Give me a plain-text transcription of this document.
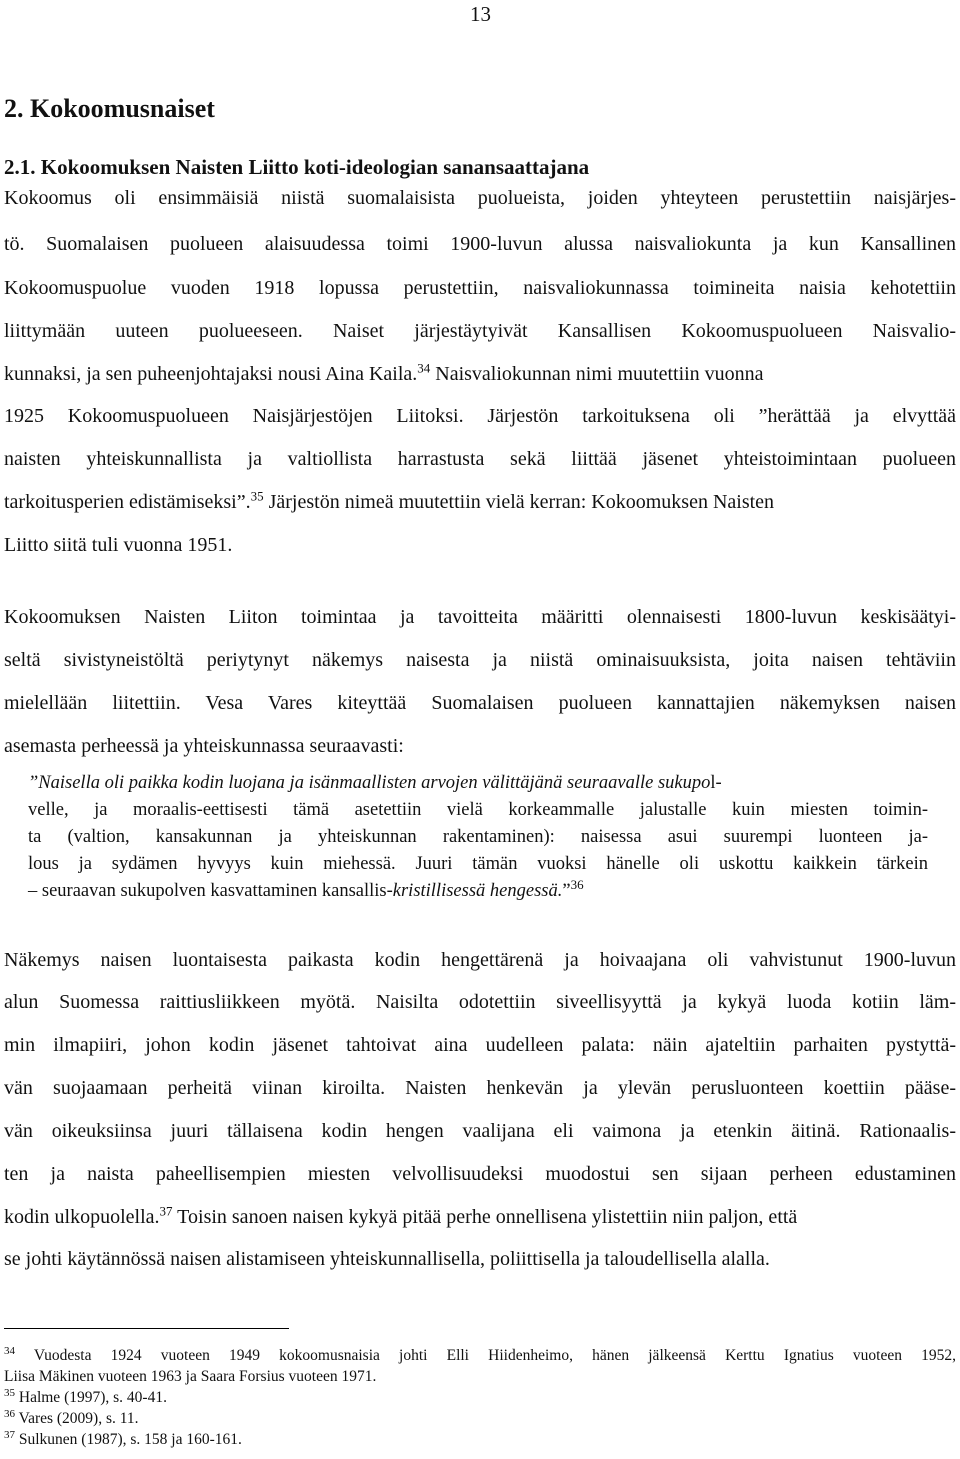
13
2. Kokoomusnaiset
2.1. Kokoomuksen Naisten Liitto koti-ideologian sanansaattajana
Kokoomus oli ensimmäisiä niistä suomalaisista puolueista, joiden yhteyteen perustettiin naisjärjes-
tö. Suomalaisen puolueen alaisuudessa toimi 1900-luvun alussa naisvaliokunta ja kun Kansallinen
Kokoomuspuolue vuoden 1918 lopussa perustettiin, naisvaliokunnassa toimineita naisia kehotettiin
liittymään uuteen puolueeseen. Naiset järjestäytyivät Kansallisen Kokoomuspuolueen Naisvalio-
kunnaksi, ja sen puheenjohtajaksi nousi Aina Kaila.$^{34}$ Naisvaliokunnan nimi muutettiin vuonna
1925 Kokoomuspuolueen Naisjärjestöjen Liitoksi. Järjestön tarkoituksena oli ”herättää ja elvyttää
naisten yhteiskunnallista ja valtiollista harrastusta sekä liittää jäsenet yhteistoimintaan puolueen
tarkoitusperien edistämiseksi”.$^{35}$ Järjestön nimeä muutettiin vielä kerran: Kokoomuksen Naisten
Liitto siitä tuli vuonna 1951.
Kokoomuksen Naisten Liiton toimintaa ja tavoitteita määritti olennaisesti 1800-luvun keskisäätyi-
seltä sivistyneistöltä periytynyt näkemys naisesta ja niistä ominaisuuksista, joita naisen tehtäviin
mielellään liitettiin. Vesa Vares kiteyttää Suomalaisen puolueen kannattajien näkemyksen naisen
asemasta perheessä ja yhteiskunnassa seuraavasti:
”Naisella oli paikka kodin luojana ja isänmaallisten arvojen välittäjänä seuraavalle sukupol-
velle, ja moraalis-eettisesti tämä asetettiin vielä korkeammalle jalustalle kuin miesten toimin-
ta (valtion, kansakunnan ja yhteiskunnan rakentaminen): naisessa asui suurempi luonteen ja-
lous ja sydämen hyvyys kuin miehessä. Juuri tämän vuoksi hänelle oli uskottu kaikkein tärkein
– seuraavan sukupolven kasvattaminen kansallis-kristillisessä hengessä.”$^{36}$
Näkemys naisen luontaisesta paikasta kodin hengettärenä ja hoivaajana oli vahvistunut 1900-luvun
alun Suomessa raittiusliikkeen myötä. Naisilta odotettiin siveellisyyttä ja kykyä luoda kotiin läm-
min ilmapiiri, johon kodin jäsenet tahtoivat aina uudelleen palata: näin ajateltiin parhaiten pystyttä-
vän suojaamaan perheitä viinan kiroilta. Naisten henkevän ja ylevän perusluonteen koettiin pääse-
vän oikeuksiinsa juuri tällaisena kodin hengen vaalijana eli vaimona ja etenkin äitinä. Rationaalis-
ten ja naista paheellisempien miesten velvollisuudeksi muodostui sen sijaan perheen edustaminen
kodin ulkopuolella.$^{37}$ Toisin sanoen naisen kykyä pitää perhe onnellisena ylistettiin niin paljon, että
se johti käytännössä naisen alistamiseen yhteiskunnallisella, poliittisella ja taloudellisella alalla.
$^{34}$ Vuodesta 1924 vuoteen 1949 kokoomusnaisia johti Elli Hiidenheimo, hänen jälkeensä Kerttu Ignatius vuoteen 1952,
Liisa Mäkinen vuoteen 1963 ja Saara Forsius vuoteen 1971.
$^{35}$ Halme (1997), s. 40-41.
$^{36}$ Vares (2009), s. 11.
$^{37}$ Sulkunen (1987), s. 158 ja 160-161.
